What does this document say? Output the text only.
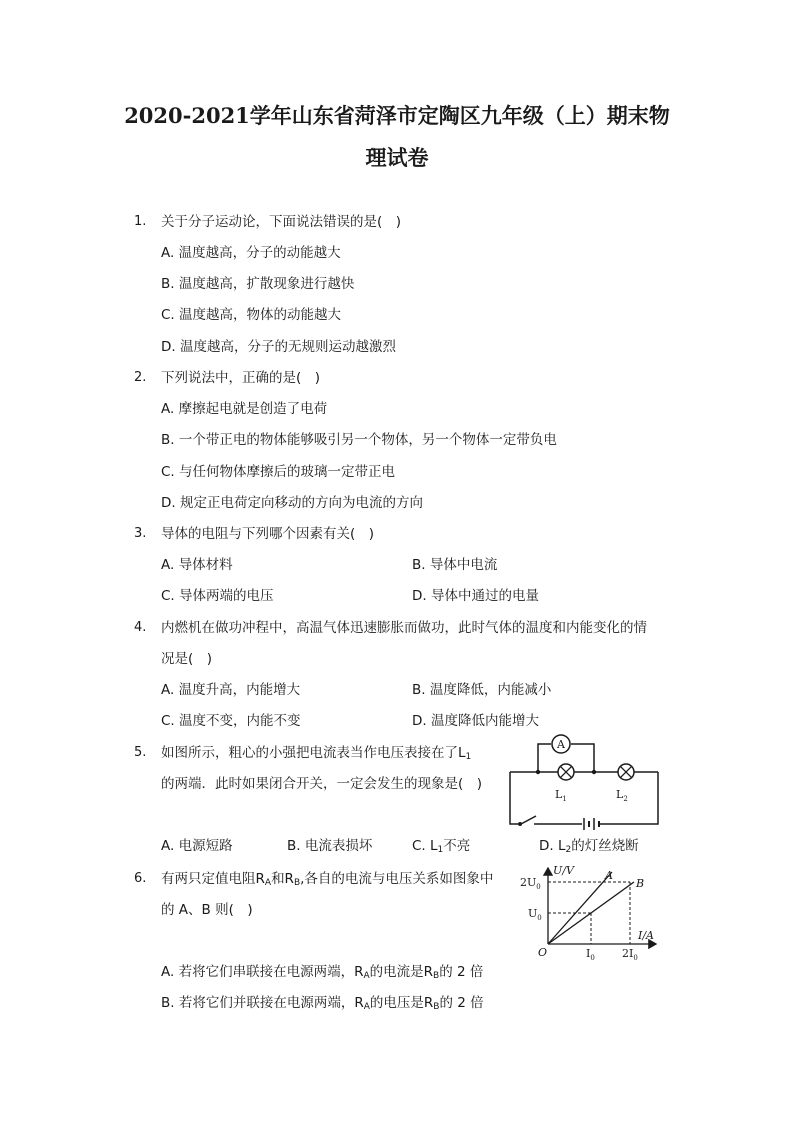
2020-2021学年山东省菏泽市定陶区九年级（上）期末物
理试卷
1. 关于分子运动论，下面说法错误的是(　)
A. 温度越高，分子的动能越大
B. 温度越高，扩散现象进行越快
C. 温度越高，物体的动能越大
D. 温度越高，分子的无规则运动越激烈
2. 下列说法中，正确的是(　)
A. 摩擦起电就是创造了电荷
B. 一个带正电的物体能够吸引另一个物体，另一个物体一定带负电
C. 与任何物体摩擦后的玻璃一定带正电
D. 规定正电荷定向移动的方向为电流的方向
3. 导体的电阻与下列哪个因素有关(　)
A. 导体材料	B. 导体中电流
C. 导体两端的电压	D. 导体中通过的电量
4. 内燃机在做功冲程中，高温气体迅速膨胀而做功，此时气体的温度和内能变化的情
况是(　)
A. 温度升高，内能增大	B. 温度降低，内能减小
C. 温度不变，内能不变	D. 温度降低内能增大
5. 如图所示，粗心的小强把电流表当作电压表接在了$L_1$
的两端．此时如果闭合开关，一定会发生的现象是(　)
A. 电源短路	B. 电流表损坏	C. $L_1$不亮	D. $L_2$的灯丝烧断
A
$L_1$	$L_2$
6. 有两只定值电阻$R_A$和$R_B$,各自的电流与电压关系如图象中
的 A、B 则(　)
A. 若将它们串联接在电源两端，$R_A$的电流是$R_B$的 2 倍
B. 若将它们并联接在电源两端，$R_A$的电压是$R_B$的 2 倍
U/V
I/A
O
$2U_0$
$U_0$
$I_0$ $2I_0$
A
B
